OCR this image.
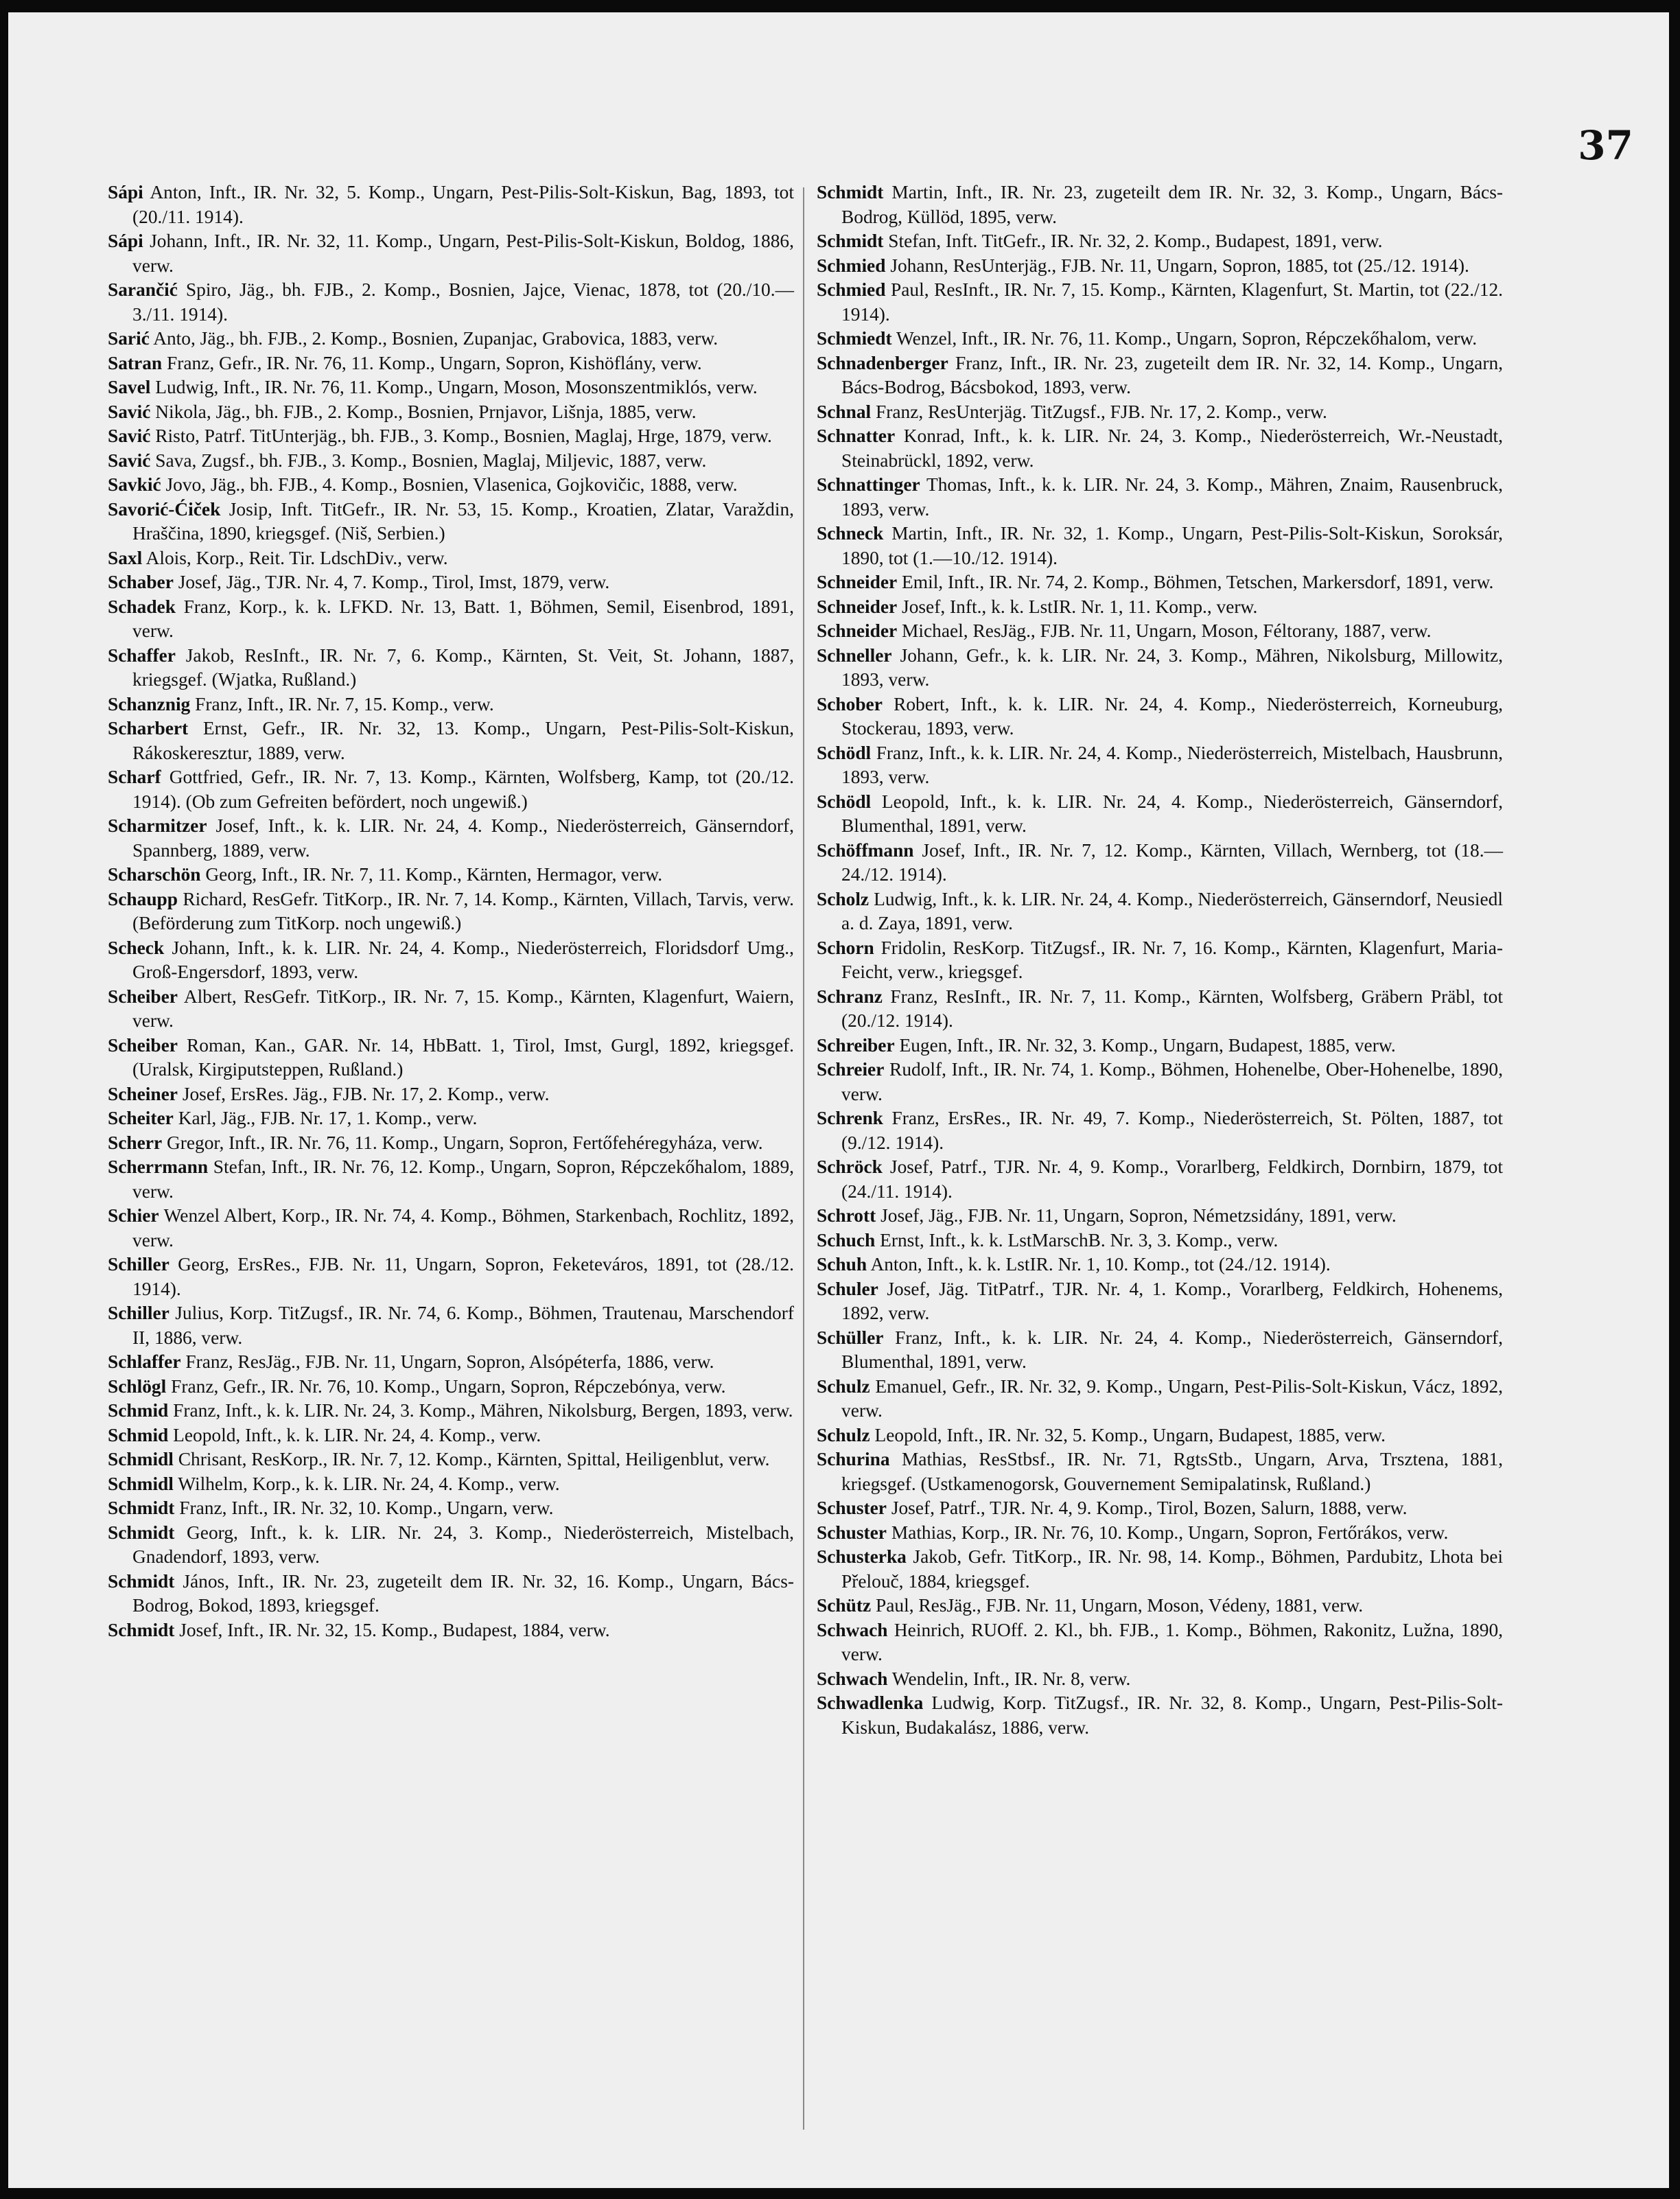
37
Sápi Anton, Inft., IR. Nr. 32, 5. Komp., Ungarn, Pest-Pilis-Solt-Kiskun, Bag, 1893, tot (20./11. 1914).
Sápi Johann, Inft., IR. Nr. 32, 11. Komp., Ungarn, Pest-Pilis-Solt-Kiskun, Boldog, 1886, verw.
Sarančić Spiro, Jäg., bh. FJB., 2. Komp., Bosnien, Jajce, Vienac, 1878, tot (20./10.—3./11. 1914).
Sarić Anto, Jäg., bh. FJB., 2. Komp., Bosnien, Zupanjac, Grabovica, 1883, verw.
Satran Franz, Gefr., IR. Nr. 76, 11. Komp., Ungarn, Sopron, Kishöflány, verw.
Savel Ludwig, Inft., IR. Nr. 76, 11. Komp., Ungarn, Moson, Mosonszentmiklós, verw.
Savić Nikola, Jäg., bh. FJB., 2. Komp., Bosnien, Prnjavor, Lišnja, 1885, verw.
Savić Risto, Patrf. TitUnterjäg., bh. FJB., 3. Komp., Bosnien, Maglaj, Hrge, 1879, verw.
Savić Sava, Zugsf., bh. FJB., 3. Komp., Bosnien, Maglaj, Miljevic, 1887, verw.
Savkić Jovo, Jäg., bh. FJB., 4. Komp., Bosnien, Vlasenica, Gojkovičic, 1888, verw.
Savorić-Ćiček Josip, Inft. TitGefr., IR. Nr. 53, 15. Komp., Kroatien, Zlatar, Varaždin, Hraščina, 1890, kriegsgef. (Niš, Serbien.)
Saxl Alois, Korp., Reit. Tir. LdschDiv., verw.
Schaber Josef, Jäg., TJR. Nr. 4, 7. Komp., Tirol, Imst, 1879, verw.
Schadek Franz, Korp., k. k. LFKD. Nr. 13, Batt. 1, Böhmen, Semil, Eisenbrod, 1891, verw.
Schaffer Jakob, ResInft., IR. Nr. 7, 6. Komp., Kärnten, St. Veit, St. Johann, 1887, kriegsgef. (Wjatka, Rußland.)
Schanznig Franz, Inft., IR. Nr. 7, 15. Komp., verw.
Scharbert Ernst, Gefr., IR. Nr. 32, 13. Komp., Ungarn, Pest-Pilis-Solt-Kiskun, Rákoskeresztur, 1889, verw.
Scharf Gottfried, Gefr., IR. Nr. 7, 13. Komp., Kärnten, Wolfsberg, Kamp, tot (20./12. 1914). (Ob zum Gefreiten befördert, noch ungewiß.)
Scharmitzer Josef, Inft., k. k. LIR. Nr. 24, 4. Komp., Niederösterreich, Gänserndorf, Spannberg, 1889, verw.
Scharschön Georg, Inft., IR. Nr. 7, 11. Komp., Kärnten, Hermagor, verw.
Schaupp Richard, ResGefr. TitKorp., IR. Nr. 7, 14. Komp., Kärnten, Villach, Tarvis, verw. (Beförderung zum TitKorp. noch ungewiß.)
Scheck Johann, Inft., k. k. LIR. Nr. 24, 4. Komp., Niederösterreich, Floridsdorf Umg., Groß-Engersdorf, 1893, verw.
Scheiber Albert, ResGefr. TitKorp., IR. Nr. 7, 15. Komp., Kärnten, Klagenfurt, Waiern, verw.
Scheiber Roman, Kan., GAR. Nr. 14, HbBatt. 1, Tirol, Imst, Gurgl, 1892, kriegsgef. (Uralsk, Kirgiputsteppen, Rußland.)
Scheiner Josef, ErsRes. Jäg., FJB. Nr. 17, 2. Komp., verw.
Scheiter Karl, Jäg., FJB. Nr. 17, 1. Komp., verw.
Scherr Gregor, Inft., IR. Nr. 76, 11. Komp., Ungarn, Sopron, Fertőfehéregyháza, verw.
Scherrmann Stefan, Inft., IR. Nr. 76, 12. Komp., Ungarn, Sopron, Répczekőhalom, 1889, verw.
Schier Wenzel Albert, Korp., IR. Nr. 74, 4. Komp., Böhmen, Starkenbach, Rochlitz, 1892, verw.
Schiller Georg, ErsRes., FJB. Nr. 11, Ungarn, Sopron, Feketeváros, 1891, tot (28./12. 1914).
Schiller Julius, Korp. TitZugsf., IR. Nr. 74, 6. Komp., Böhmen, Trautenau, Marschendorf II, 1886, verw.
Schlaffer Franz, ResJäg., FJB. Nr. 11, Ungarn, Sopron, Alsópéterfa, 1886, verw.
Schlögl Franz, Gefr., IR. Nr. 76, 10. Komp., Ungarn, Sopron, Répczebónya, verw.
Schmid Franz, Inft., k. k. LIR. Nr. 24, 3. Komp., Mähren, Nikolsburg, Bergen, 1893, verw.
Schmid Leopold, Inft., k. k. LIR. Nr. 24, 4. Komp., verw.
Schmidl Chrisant, ResKorp., IR. Nr. 7, 12. Komp., Kärnten, Spittal, Heiligenblut, verw.
Schmidl Wilhelm, Korp., k. k. LIR. Nr. 24, 4. Komp., verw.
Schmidt Franz, Inft., IR. Nr. 32, 10. Komp., Ungarn, verw.
Schmidt Georg, Inft., k. k. LIR. Nr. 24, 3. Komp., Niederösterreich, Mistelbach, Gnadendorf, 1893, verw.
Schmidt János, Inft., IR. Nr. 23, zugeteilt dem IR. Nr. 32, 16. Komp., Ungarn, Bács-Bodrog, Bokod, 1893, kriegsgef.
Schmidt Josef, Inft., IR. Nr. 32, 15. Komp., Budapest, 1884, verw.
Schmidt Martin, Inft., IR. Nr. 23, zugeteilt dem IR. Nr. 32, 3. Komp., Ungarn, Bács-Bodrog, Küllöd, 1895, verw.
Schmidt Stefan, Inft. TitGefr., IR. Nr. 32, 2. Komp., Budapest, 1891, verw.
Schmied Johann, ResUnterjäg., FJB. Nr. 11, Ungarn, Sopron, 1885, tot (25./12. 1914).
Schmied Paul, ResInft., IR. Nr. 7, 15. Komp., Kärnten, Klagenfurt, St. Martin, tot (22./12. 1914).
Schmiedt Wenzel, Inft., IR. Nr. 76, 11. Komp., Ungarn, Sopron, Répczekőhalom, verw.
Schnadenberger Franz, Inft., IR. Nr. 23, zugeteilt dem IR. Nr. 32, 14. Komp., Ungarn, Bács-Bodrog, Bácsbokod, 1893, verw.
Schnal Franz, ResUnterjäg. TitZugsf., FJB. Nr. 17, 2. Komp., verw.
Schnatter Konrad, Inft., k. k. LIR. Nr. 24, 3. Komp., Niederösterreich, Wr.-Neustadt, Steinabrückl, 1892, verw.
Schnattinger Thomas, Inft., k. k. LIR. Nr. 24, 3. Komp., Mähren, Znaim, Rausenbruck, 1893, verw.
Schneck Martin, Inft., IR. Nr. 32, 1. Komp., Ungarn, Pest-Pilis-Solt-Kiskun, Soroksár, 1890, tot (1.—10./12. 1914).
Schneider Emil, Inft., IR. Nr. 74, 2. Komp., Böhmen, Tetschen, Markersdorf, 1891, verw.
Schneider Josef, Inft., k. k. LstIR. Nr. 1, 11. Komp., verw.
Schneider Michael, ResJäg., FJB. Nr. 11, Ungarn, Moson, Féltorany, 1887, verw.
Schneller Johann, Gefr., k. k. LIR. Nr. 24, 3. Komp., Mähren, Nikolsburg, Millowitz, 1893, verw.
Schober Robert, Inft., k. k. LIR. Nr. 24, 4. Komp., Niederösterreich, Korneuburg, Stockerau, 1893, verw.
Schödl Franz, Inft., k. k. LIR. Nr. 24, 4. Komp., Niederösterreich, Mistelbach, Hausbrunn, 1893, verw.
Schödl Leopold, Inft., k. k. LIR. Nr. 24, 4. Komp., Niederösterreich, Gänserndorf, Blumenthal, 1891, verw.
Schöffmann Josef, Inft., IR. Nr. 7, 12. Komp., Kärnten, Villach, Wernberg, tot (18.—24./12. 1914).
Scholz Ludwig, Inft., k. k. LIR. Nr. 24, 4. Komp., Niederösterreich, Gänserndorf, Neusiedl a. d. Zaya, 1891, verw.
Schorn Fridolin, ResKorp. TitZugsf., IR. Nr. 7, 16. Komp., Kärnten, Klagenfurt, Maria-Feicht, verw., kriegsgef.
Schranz Franz, ResInft., IR. Nr. 7, 11. Komp., Kärnten, Wolfsberg, Gräbern Präbl, tot (20./12. 1914).
Schreiber Eugen, Inft., IR. Nr. 32, 3. Komp., Ungarn, Budapest, 1885, verw.
Schreier Rudolf, Inft., IR. Nr. 74, 1. Komp., Böhmen, Hohenelbe, Ober-Hohenelbe, 1890, verw.
Schrenk Franz, ErsRes., IR. Nr. 49, 7. Komp., Niederösterreich, St. Pölten, 1887, tot (9./12. 1914).
Schröck Josef, Patrf., TJR. Nr. 4, 9. Komp., Vorarlberg, Feldkirch, Dornbirn, 1879, tot (24./11. 1914).
Schrott Josef, Jäg., FJB. Nr. 11, Ungarn, Sopron, Németzsidány, 1891, verw.
Schuch Ernst, Inft., k. k. LstMarschB. Nr. 3, 3. Komp., verw.
Schuh Anton, Inft., k. k. LstIR. Nr. 1, 10. Komp., tot (24./12. 1914).
Schuler Josef, Jäg. TitPatrf., TJR. Nr. 4, 1. Komp., Vorarlberg, Feldkirch, Hohenems, 1892, verw.
Schüller Franz, Inft., k. k. LIR. Nr. 24, 4. Komp., Niederösterreich, Gänserndorf, Blumenthal, 1891, verw.
Schulz Emanuel, Gefr., IR. Nr. 32, 9. Komp., Ungarn, Pest-Pilis-Solt-Kiskun, Vácz, 1892, verw.
Schulz Leopold, Inft., IR. Nr. 32, 5. Komp., Ungarn, Budapest, 1885, verw.
Schurina Mathias, ResStbsf., IR. Nr. 71, RgtsStb., Ungarn, Arva, Trsztena, 1881, kriegsgef. (Ustkamenogorsk, Gouvernement Semipalatinsk, Rußland.)
Schuster Josef, Patrf., TJR. Nr. 4, 9. Komp., Tirol, Bozen, Salurn, 1888, verw.
Schuster Mathias, Korp., IR. Nr. 76, 10. Komp., Ungarn, Sopron, Fertőrákos, verw.
Schusterka Jakob, Gefr. TitKorp., IR. Nr. 98, 14. Komp., Böhmen, Pardubitz, Lhota bei Přelouč, 1884, kriegsgef.
Schütz Paul, ResJäg., FJB. Nr. 11, Ungarn, Moson, Védeny, 1881, verw.
Schwach Heinrich, RUOff. 2. Kl., bh. FJB., 1. Komp., Böhmen, Rakonitz, Lužna, 1890, verw.
Schwach Wendelin, Inft., IR. Nr. 8, verw.
Schwadlenka Ludwig, Korp. TitZugsf., IR. Nr. 32, 8. Komp., Ungarn, Pest-Pilis-Solt-Kiskun, Budakalász, 1886, verw.
